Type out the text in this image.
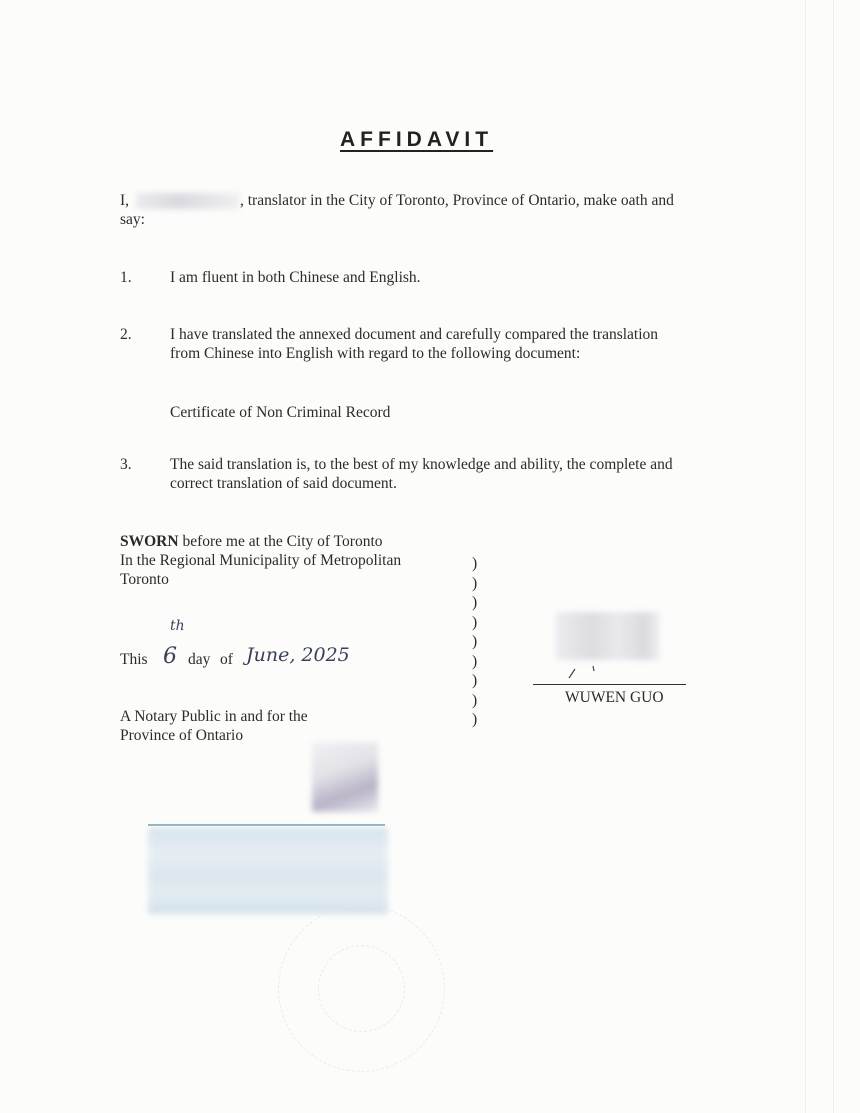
AFFIDAVIT
I,	, translator in the City of Toronto, Province of Ontario, make oath and
say:
1. I am fluent in both Chinese and English.
2. I have translated the annexed document and carefully compared the translation
from Chinese into English with regard to the following document:
Certificate of Non Criminal Record
3. The said translation is, to the best of my knowledge and ability, the complete and
correct translation of said document.
SWORN before me at the City of Toronto
In the Regional Municipality of Metropolitan
Toronto
)
)
)
)
)
)
)
)
)
This 6
th
day of June, 2025
A Notary Public in and for the
Province of Ontario
WUWEN GUO
